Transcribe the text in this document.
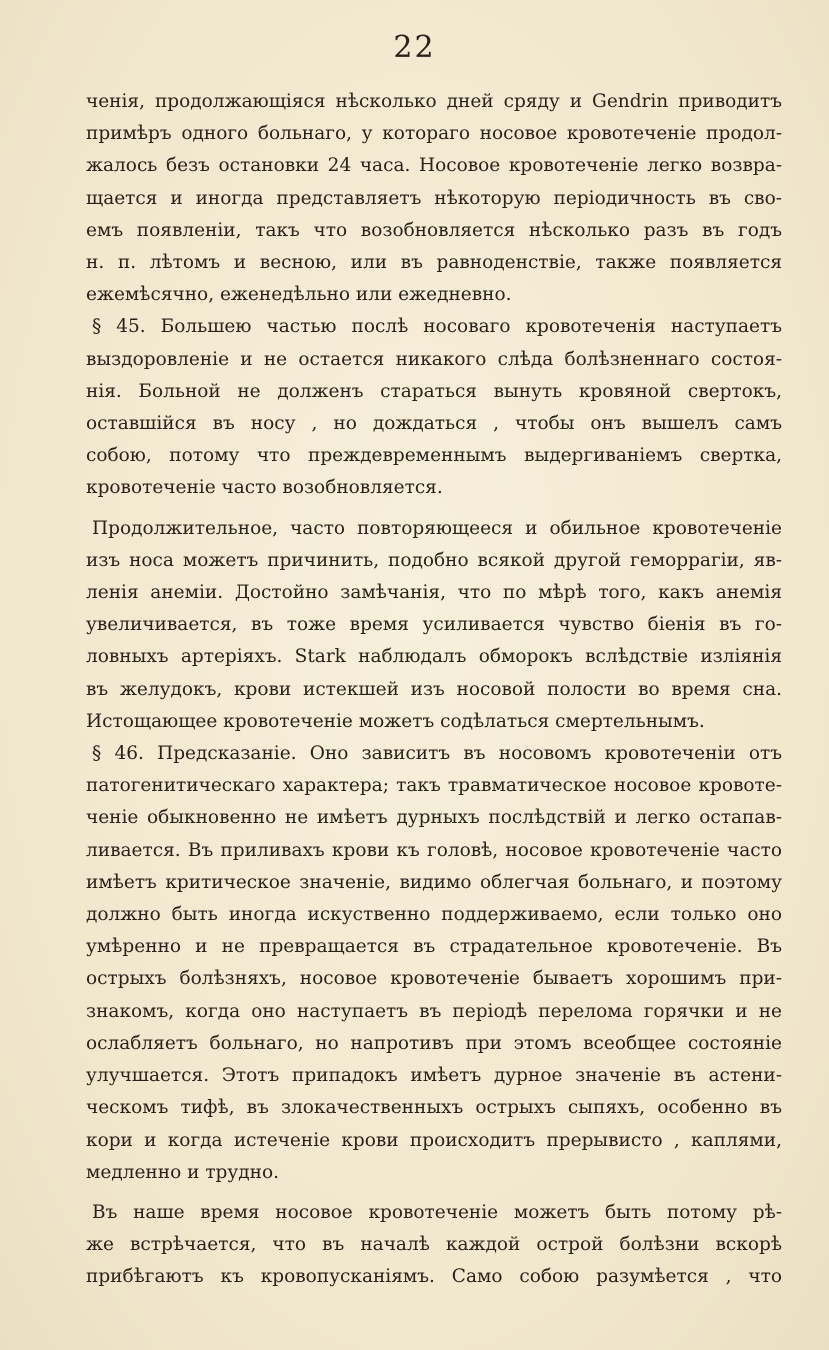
22
ченія, продолжающіяся нѣсколько дней сряду и Gendrin приводитъ
примѣръ одного больнаго, у котораго носовое кровотеченіе продол-
жалось безъ остановки 24 часа. Носовое кровотеченіе легко возвра-
щается и иногда представляетъ нѣкоторую періодичность въ сво-
емъ появленіи, такъ что возобновляется нѣсколько разъ въ годъ
н. п. лѣтомъ и весною, или въ равноденствіе, также появляется
ежемѣсячно, еженедѣльно или ежедневно.
§ 45. Большею частью послѣ носоваго кровотеченія наступаетъ
выздоровленіе и не остается никакого слѣда болѣзненнаго состоя-
нія. Больной не долженъ стараться вынуть кровяной свертокъ,
оставшійся въ носу , но дождаться , чтобы онъ вышелъ самъ
собою, потому что преждевременнымъ выдергиваніемъ свертка,
кровотеченіе часто возобновляется.
Продолжительное, часто повторяющееся и обильное кровотеченіе
изъ носа можетъ причинить, подобно всякой другой геморрагіи, яв-
ленія анеміи. Достойно замѣчанія, что по мѣрѣ того, какъ анемія
увеличивается, въ тоже время усиливается чувство біенія въ го-
ловныхъ артеріяхъ. Stark наблюдалъ обморокъ вслѣдствіе изліянія
въ желудокъ, крови истекшей изъ носовой полости во время сна.
Истощающее кровотеченіе можетъ содѣлаться смертельнымъ.
§ 46. Предсказаніе. Оно зависитъ въ носовомъ кровотеченіи отъ
патогенитическаго характера; такъ травматическое носовое кровоте-
ченіе обыкновенно не имѣетъ дурныхъ послѣдствій и легко остапав-
ливается. Въ приливахъ крови къ головѣ, носовое кровотеченіе часто
имѣетъ критическое значеніе, видимо облегчая больнаго, и поэтому
должно быть иногда искуственно поддерживаемо, если только оно
умѣренно и не превращается въ страдательное кровотеченіе. Въ
острыхъ болѣзняхъ, носовое кровотеченіе бываетъ хорошимъ при-
знакомъ, когда оно наступаетъ въ періодѣ перелома горячки и не
ослабляетъ больнаго, но напротивъ при этомъ всеобщее состояніе
улучшается. Этотъ припадокъ имѣетъ дурное значеніе въ астени-
ческомъ тифѣ, въ злокачественныхъ острыхъ сыпяхъ, особенно въ
кори и когда истеченіе крови происходитъ прерывисто , каплями,
медленно и трудно.
Въ наше время носовое кровотеченіе можетъ быть потому рѣ-
же встрѣчается, что въ началѣ каждой острой болѣзни вскорѣ
прибѣгаютъ къ кровопусканіямъ. Само собою разумѣется , что
